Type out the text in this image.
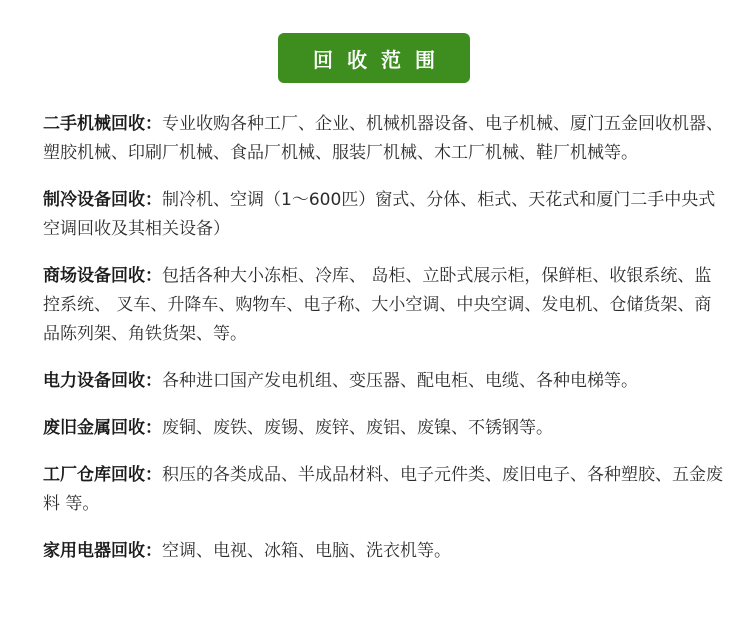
回收范围

二手机械回收：专业收购各种工厂、企业、机械机器设备、电子机械、厦门五金回收机器、塑胶机械、印刷厂机械、食品厂机械、服装厂机械、木工厂机械、鞋厂机械等。

制冷设备回收：制冷机、空调（1～600匹）窗式、分体、柜式、天花式和厦门二手中央式空调回收及其相关设备）

商场设备回收：包括各种大小冻柜、冷库、 岛柜、立卧式展示柜，保鲜柜、收银系统、监控系统、 叉车、升降车、购物车、电子称、大小空调、中央空调、发电机、仓储货架、商品陈列架、角铁货架、等。

电力设备回收：各种进口国产发电机组、变压器、配电柜、电缆、各种电梯等。

废旧金属回收：废铜、废铁、废锡、废锌、废铝、废镍、不锈钢等。

工厂仓库回收：积压的各类成品、半成品材料、电子元件类、废旧电子、各种塑胶、五金废料 等。

家用电器回收：空调、电视、冰箱、电脑、洗衣机等。
